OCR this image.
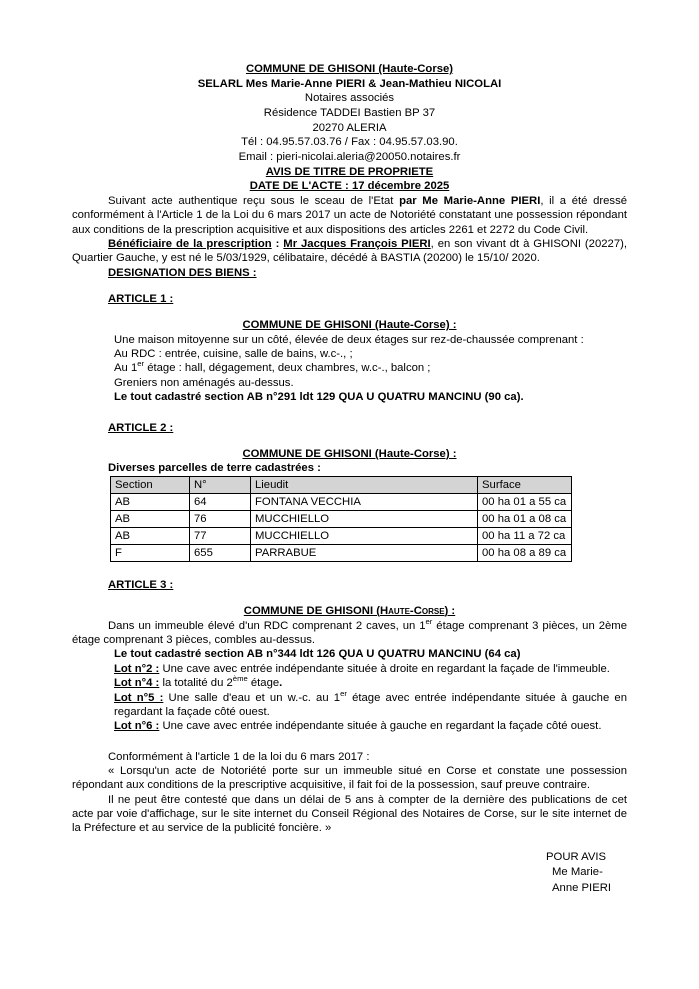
COMMUNE DE GHISONI (Haute-Corse)
SELARL Mes Marie-Anne PIERI & Jean-Mathieu NICOLAI
Notaires associés
Résidence TADDEI Bastien BP 37
20270 ALERIA
Tél : 04.95.57.03.76 / Fax : 04.95.57.03.90.
Email : pieri-nicolai.aleria@20050.notaires.fr
AVIS DE TITRE DE PROPRIETE
DATE DE L'ACTE : 17 décembre 2025

Suivant acte authentique reçu sous le sceau de l'Etat par Me Marie-Anne PIERI, il a été dressé conformément à l'Article 1 de la Loi du 6 mars 2017 un acte de Notoriété constatant une possession répondant aux conditions de la prescription acquisitive et aux dispositions des articles 2261 et 2272 du Code Civil.

Bénéficiaire de la prescription : Mr Jacques François PIERI, en son vivant dt à GHISONI (20227), Quartier Gauche, y est né le 5/03/1929, célibataire, décédé à BASTIA (20200) le 15/10/ 2020.

DESIGNATION DES BIENS :

ARTICLE 1 :

COMMUNE DE GHISONI (Haute-Corse) :

Une maison mitoyenne sur un côté, élevée de deux étages sur rez-de-chaussée comprenant :

Au RDC : entrée, cuisine, salle de bains, w.c-., ;

Au 1er étage : hall, dégagement, deux chambres, w.c-., balcon ;

Greniers non aménagés au-dessus.

Le tout cadastré section AB n°291 ldt 129 QUA U QUATRU MANCINU (90 ca).

ARTICLE 2 :

COMMUNE DE GHISONI (Haute-Corse) :

Diverses parcelles de terre cadastrées :

Section	N°	Lieudit	Surface
AB	64	FONTANA VECCHIA	00 ha 01 a 55 ca
AB	76	MUCCHIELLO	00 ha 01 a 08 ca
AB	77	MUCCHIELLO	00 ha 11 a 72 ca
F	655	PARRABUE	00 ha 08 a 89 ca

ARTICLE 3 :

COMMUNE DE GHISONI (Haute-Corse) :

Dans un immeuble élevé d'un RDC comprenant 2 caves, un 1er étage comprenant 3 pièces, un 2ème étage comprenant 3 pièces, combles au-dessus.

Le tout cadastré section AB n°344 ldt 126 QUA U QUATRU MANCINU (64 ca)

Lot n°2 : Une cave avec entrée indépendante située à droite en regardant la façade de l'immeuble.

Lot n°4 : la totalité du 2ème étage.

Lot n°5 : Une salle d'eau et un w.-c. au 1er étage avec entrée indépendante située à gauche en regardant la façade côté ouest.

Lot n°6 : Une cave avec entrée indépendante située à gauche en regardant la façade côté ouest.

Conformément à l'article 1 de la loi du 6 mars 2017 :

« Lorsqu'un acte de Notoriété porte sur un immeuble situé en Corse et constate une possession répondant aux conditions de la prescriptive acquisitive, il fait foi de la possession, sauf preuve contraire.

Il ne peut être contesté que dans un délai de 5 ans à compter de la dernière des publications de cet acte par voie d'affichage, sur le site internet du Conseil Régional des Notaires de Corse, sur le site internet de la Préfecture et au service de la publicité foncière. »

POUR AVIS
Me Marie-Anne PIERI
